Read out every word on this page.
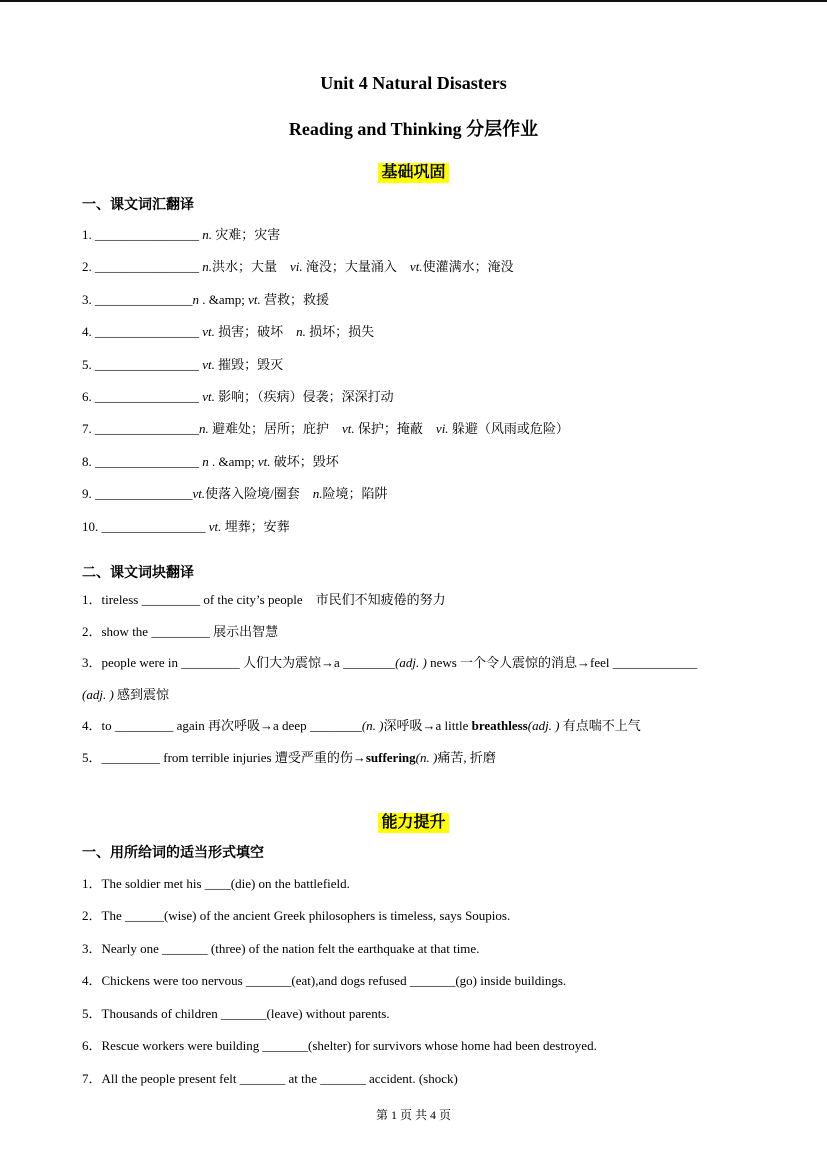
Unit 4 Natural Disasters
Reading and Thinking 分层作业
基础巩固
一、课文词汇翻译
1. ________________ n. 灾难；灾害
2. ________________ n.洪水；大量　vi. 淹没；大量涌入　vt.使灌满水；淹没
3. _______________n . &amp; vt. 营救；救援
4. ________________ vt. 损害；破坏　n. 损坏；损失
5. ________________ vt. 摧毁；毁灭
6. ________________ vt. 影响；（疾病）侵袭；深深打动
7. ________________n. 避难处；居所；庇护　vt. 保护；掩蔽　vi. 躲避（风雨或危险）
8. ________________ n . &amp; vt. 破坏；毁坏
9. _______________vt.使落入险境/圈套　n.险境；陷阱
10. ________________ vt. 埋葬；安葬
二、课文词块翻译
1．tireless _________ of the city’s people　市民们不知疲倦的努力
2．show the _________ 展示出智慧
3．people were in _________ 人们大为震惊→a ________(adj. ) news 一个令人震惊的消息→feel _____________
(adj. ) 感到震惊
4．to _________ again 再次呼吸→a deep ________(n. )深呼吸→a little breathless(adj. ) 有点喘不上气
5．_________ from terrible injuries 遭受严重的伤→suffering(n. )痛苦, 折磨
能力提升
一、用所给词的适当形式填空
1．The soldier met his ____(die) on the battlefield.
2．The ______(wise) of the ancient Greek philosophers is timeless, says Soupios.
3．Nearly one _______ (three) of the nation felt the earthquake at that time.
4．Chickens were too nervous _______(eat),and dogs refused _______(go) inside buildings.
5．Thousands of children _______(leave) without parents.
6．Rescue workers were building _______(shelter) for survivors whose home had been destroyed.
7．All the people present felt _______ at the _______ accident. (shock)
第 1 页 共 4 页
